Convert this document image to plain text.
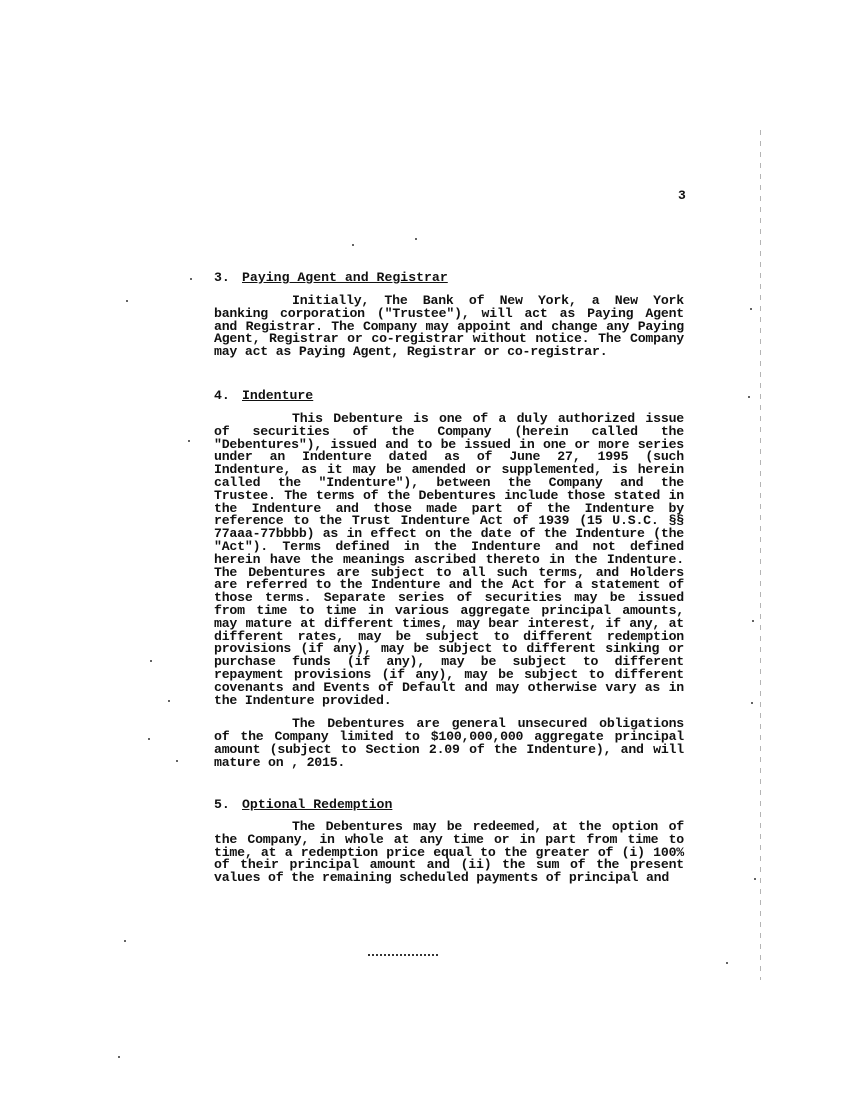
3
3. Paying Agent and Registrar

Initially, The Bank of New York, a New York banking corporation ("Trustee"), will act as Paying Agent and Registrar. The Company may appoint and change any Paying Agent, Registrar or co-registrar without notice. The Company may act as Paying Agent, Registrar or co-registrar.

4. Indenture

This Debenture is one of a duly authorized issue of securities of the Company (herein called the "Debentures"), issued and to be issued in one or more series under an Indenture dated as of June 27, 1995 (such Indenture, as it may be amended or supplemented, is herein called the "Indenture"), between the Company and the Trustee. The terms of the Debentures include those stated in the Indenture and those made part of the Indenture by reference to the Trust Indenture Act of 1939 (15 U.S.C. §§ 77aaa-77bbbb) as in effect on the date of the Indenture (the "Act"). Terms defined in the Indenture and not defined herein have the meanings ascribed thereto in the Indenture. The Debentures are subject to all such terms, and Holders are referred to the Indenture and the Act for a statement of those terms. Separate series of securities may be issued from time to time in various aggregate principal amounts, may mature at different times, may bear interest, if any, at different rates, may be subject to different redemption provisions (if any), may be subject to different sinking or purchase funds (if any), may be subject to different repayment provisions (if any), may be subject to different covenants and Events of Default and may otherwise vary as in the Indenture provided.

The Debentures are general unsecured obligations of the Company limited to $100,000,000 aggregate principal amount (subject to Section 2.09 of the Indenture), and will mature on , 2015.

5. Optional Redemption

The Debentures may be redeemed, at the option of the Company, in whole at any time or in part from time to time, at a redemption price equal to the greater of (i) 100% of their principal amount and (ii) the sum of the present values of the remaining scheduled payments of principal and
